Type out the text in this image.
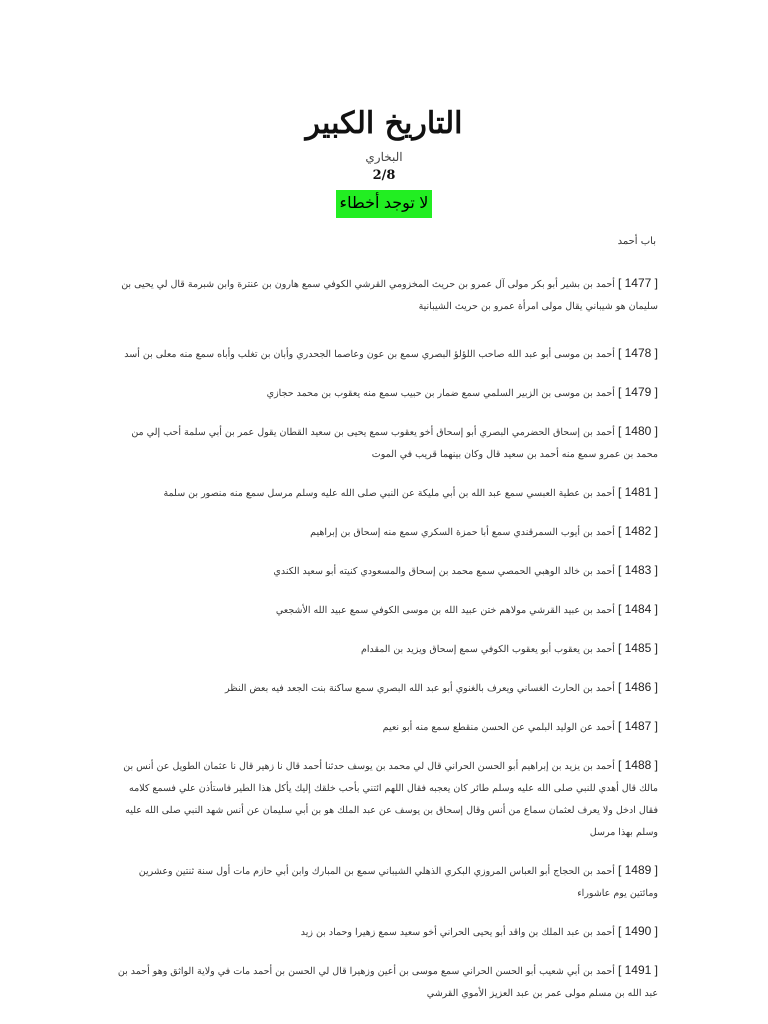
التاريخ الكبير
البخاري
2/8
لا توجد أخطاء
باب أحمد

[ 1477 ] أحمد بن بشير أبو بكر مولى آل عمرو بن حريث المخزومي القرشي الكوفي سمع هارون بن عنترة وابن شبرمة قال لي يحيى بن سليمان هو شيباني يقال مولى امرأة عمرو بن حريث الشيبانية

[ 1478 ] أحمد بن موسى أبو عبد الله صاحب اللؤلؤ البصري سمع بن عون وعاصما الجحدري وأبان بن تغلب وأباه سمع منه معلى بن أسد

[ 1479 ] أحمد بن موسى بن الزبير السلمي سمع ضمار بن حبيب سمع منه يعقوب بن محمد حجازي

[ 1480 ] أحمد بن إسحاق الحضرمي البصري أبو إسحاق أخو يعقوب سمع يحيى بن سعيد القطان يقول عمر بن أبي سلمة أحب إلي من محمد بن عمرو سمع منه أحمد بن سعيد قال وكان بينهما قريب في الموت

[ 1481 ] أحمد بن عطية العبسي سمع عبد الله بن أبي مليكة عن النبي صلى الله عليه وسلم مرسل سمع منه منصور بن سلمة

[ 1482 ] أحمد بن أيوب السمرقندي سمع أبا حمزة السكري سمع منه إسحاق بن إبراهيم

[ 1483 ] أحمد بن خالد الوهبي الحمصي سمع محمد بن إسحاق والمسعودي كنيته أبو سعيد الكندي

[ 1484 ] أحمد بن عبيد القرشي مولاهم ختن عبيد الله بن موسى الكوفي سمع عبيد الله الأشجعي

[ 1485 ] أحمد بن يعقوب أبو يعقوب الكوفي سمع إسحاق ويزيد بن المقدام

[ 1486 ] أحمد بن الحارث الغساني ويعرف بالغنوي أبو عبد الله البصري سمع ساكنة بنت الجعد فيه بعض النظر

[ 1487 ] أحمد عن الوليد البلمي عن الحسن منقطع سمع منه أبو نعيم

[ 1488 ] أحمد بن يزيد بن إبراهيم أبو الحسن الحراني قال لي محمد بن يوسف حدثنا أحمد قال نا زهير قال نا عثمان الطويل عن أنس بن مالك قال أهدي للنبي صلى الله عليه وسلم طائر كان يعجبه فقال اللهم ائتني بأحب خلقك إليك يأكل هذا الطير فاستأذن علي فسمع كلامه فقال ادخل ولا يعرف لعثمان سماع من أنس وقال إسحاق بن يوسف عن عبد الملك هو بن أبي سليمان عن أنس شهد النبي صلى الله عليه وسلم بهذا مرسل

[ 1489 ] أحمد بن الحجاج أبو العباس المروزي البكري الذهلي الشيباني سمع بن المبارك وابن أبي حازم مات أول سنة ثنتين وعشرين ومائتين يوم عاشوراء

[ 1490 ] أحمد بن عبد الملك بن واقد أبو يحيى الحراني أخو سعيد سمع زهيرا وحماد بن زيد

[ 1491 ] أحمد بن أبي شعيب أبو الحسن الحراني سمع موسى بن أعين وزهيرا قال لي الحسن بن أحمد مات في ولاية الواثق وهو أحمد بن عبد الله بن مسلم مولى عمر بن عبد العزيز الأموي القرشي
